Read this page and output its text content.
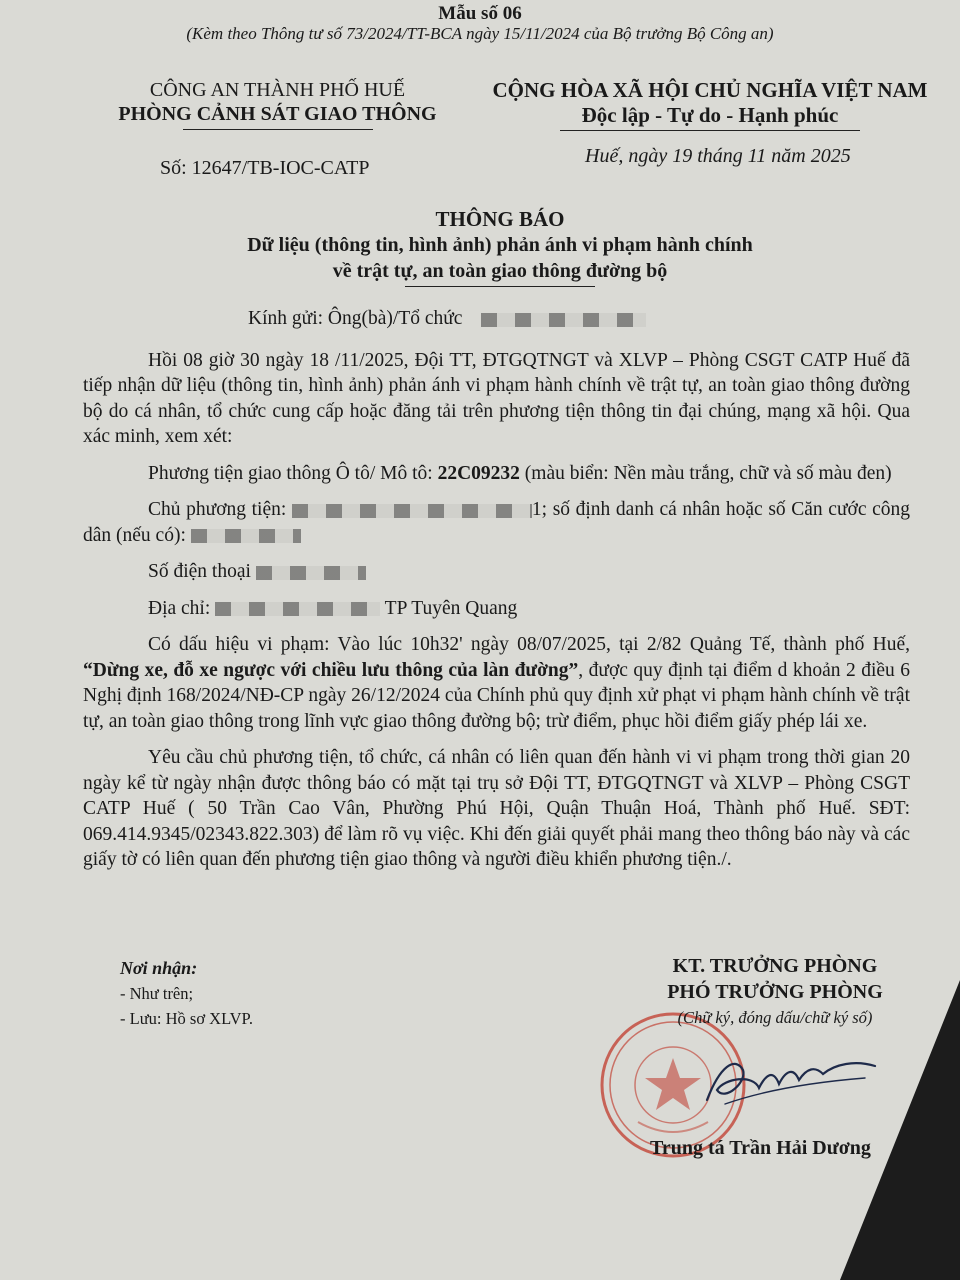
Mẫu số 06
(Kèm theo Thông tư số 73/2024/TT-BCA ngày 15/11/2024 của Bộ trưởng Bộ Công an)
CÔNG AN THÀNH PHỐ HUẾ
PHÒNG CẢNH SÁT GIAO THÔNG
CỘNG HÒA XÃ HỘI CHỦ NGHĨA VIỆT NAM
Độc lập - Tự do - Hạnh phúc
Số: 12647/TB-IOC-CATP
Huế, ngày 19 tháng 11 năm 2025
THÔNG BÁO
Dữ liệu (thông tin, hình ảnh) phản ánh vi phạm hành chính
về trật tự, an toàn giao thông đường bộ

Kính gửi: Ông(bà)/Tổ chức

Hồi 08 giờ 30 ngày 18 /11/2025, Đội TT, ĐTGQTNGT và XLVP – Phòng CSGT CATP Huế đã tiếp nhận dữ liệu (thông tin, hình ảnh) phản ánh vi phạm hành chính về trật tự, an toàn giao thông đường bộ do cá nhân, tổ chức cung cấp hoặc đăng tải trên phương tiện thông tin đại chúng, mạng xã hội. Qua xác minh, xem xét:

Phương tiện giao thông Ô tô/ Mô tô: 22C09232 (màu biển: Nền màu trắng, chữ và số màu đen)

Chủ phương tiện:	1; số định danh cá nhân hoặc số Căn cước công dân (nếu có):

Số điện thoại

Địa chỉ:	TP Tuyên Quang

Có dấu hiệu vi phạm: Vào lúc 10h32' ngày 08/07/2025, tại 2/82 Quảng Tế, thành phố Huế, “Dừng xe, đỗ xe ngược với chiều lưu thông của làn đường”, được quy định tại điểm d khoản 2 điều 6 Nghị định 168/2024/NĐ-CP ngày 26/12/2024 của Chính phủ quy định xử phạt vi phạm hành chính về trật tự, an toàn giao thông trong lĩnh vực giao thông đường bộ; trừ điểm, phục hồi điểm giấy phép lái xe.

Yêu cầu chủ phương tiện, tổ chức, cá nhân có liên quan đến hành vi vi phạm trong thời gian 20 ngày kể từ ngày nhận được thông báo có mặt tại trụ sở Đội TT, ĐTGQTNGT và XLVP – Phòng CSGT CATP Huế ( 50 Trần Cao Vân, Phường Phú Hội, Quận Thuận Hoá, Thành phố Huế. SĐT: 069.414.9345/02343.822.303) để làm rõ vụ việc. Khi đến giải quyết phải mang theo thông báo này và các giấy tờ có liên quan đến phương tiện giao thông và người điều khiển phương tiện./.

Nơi nhận:
- Như trên;
- Lưu: Hồ sơ XLVP.
KT. TRƯỞNG PHÒNG
PHÓ TRƯỞNG PHÒNG
(Chữ ký, đóng dấu/chữ ký số)
Trung tá Trần Hải Dương
